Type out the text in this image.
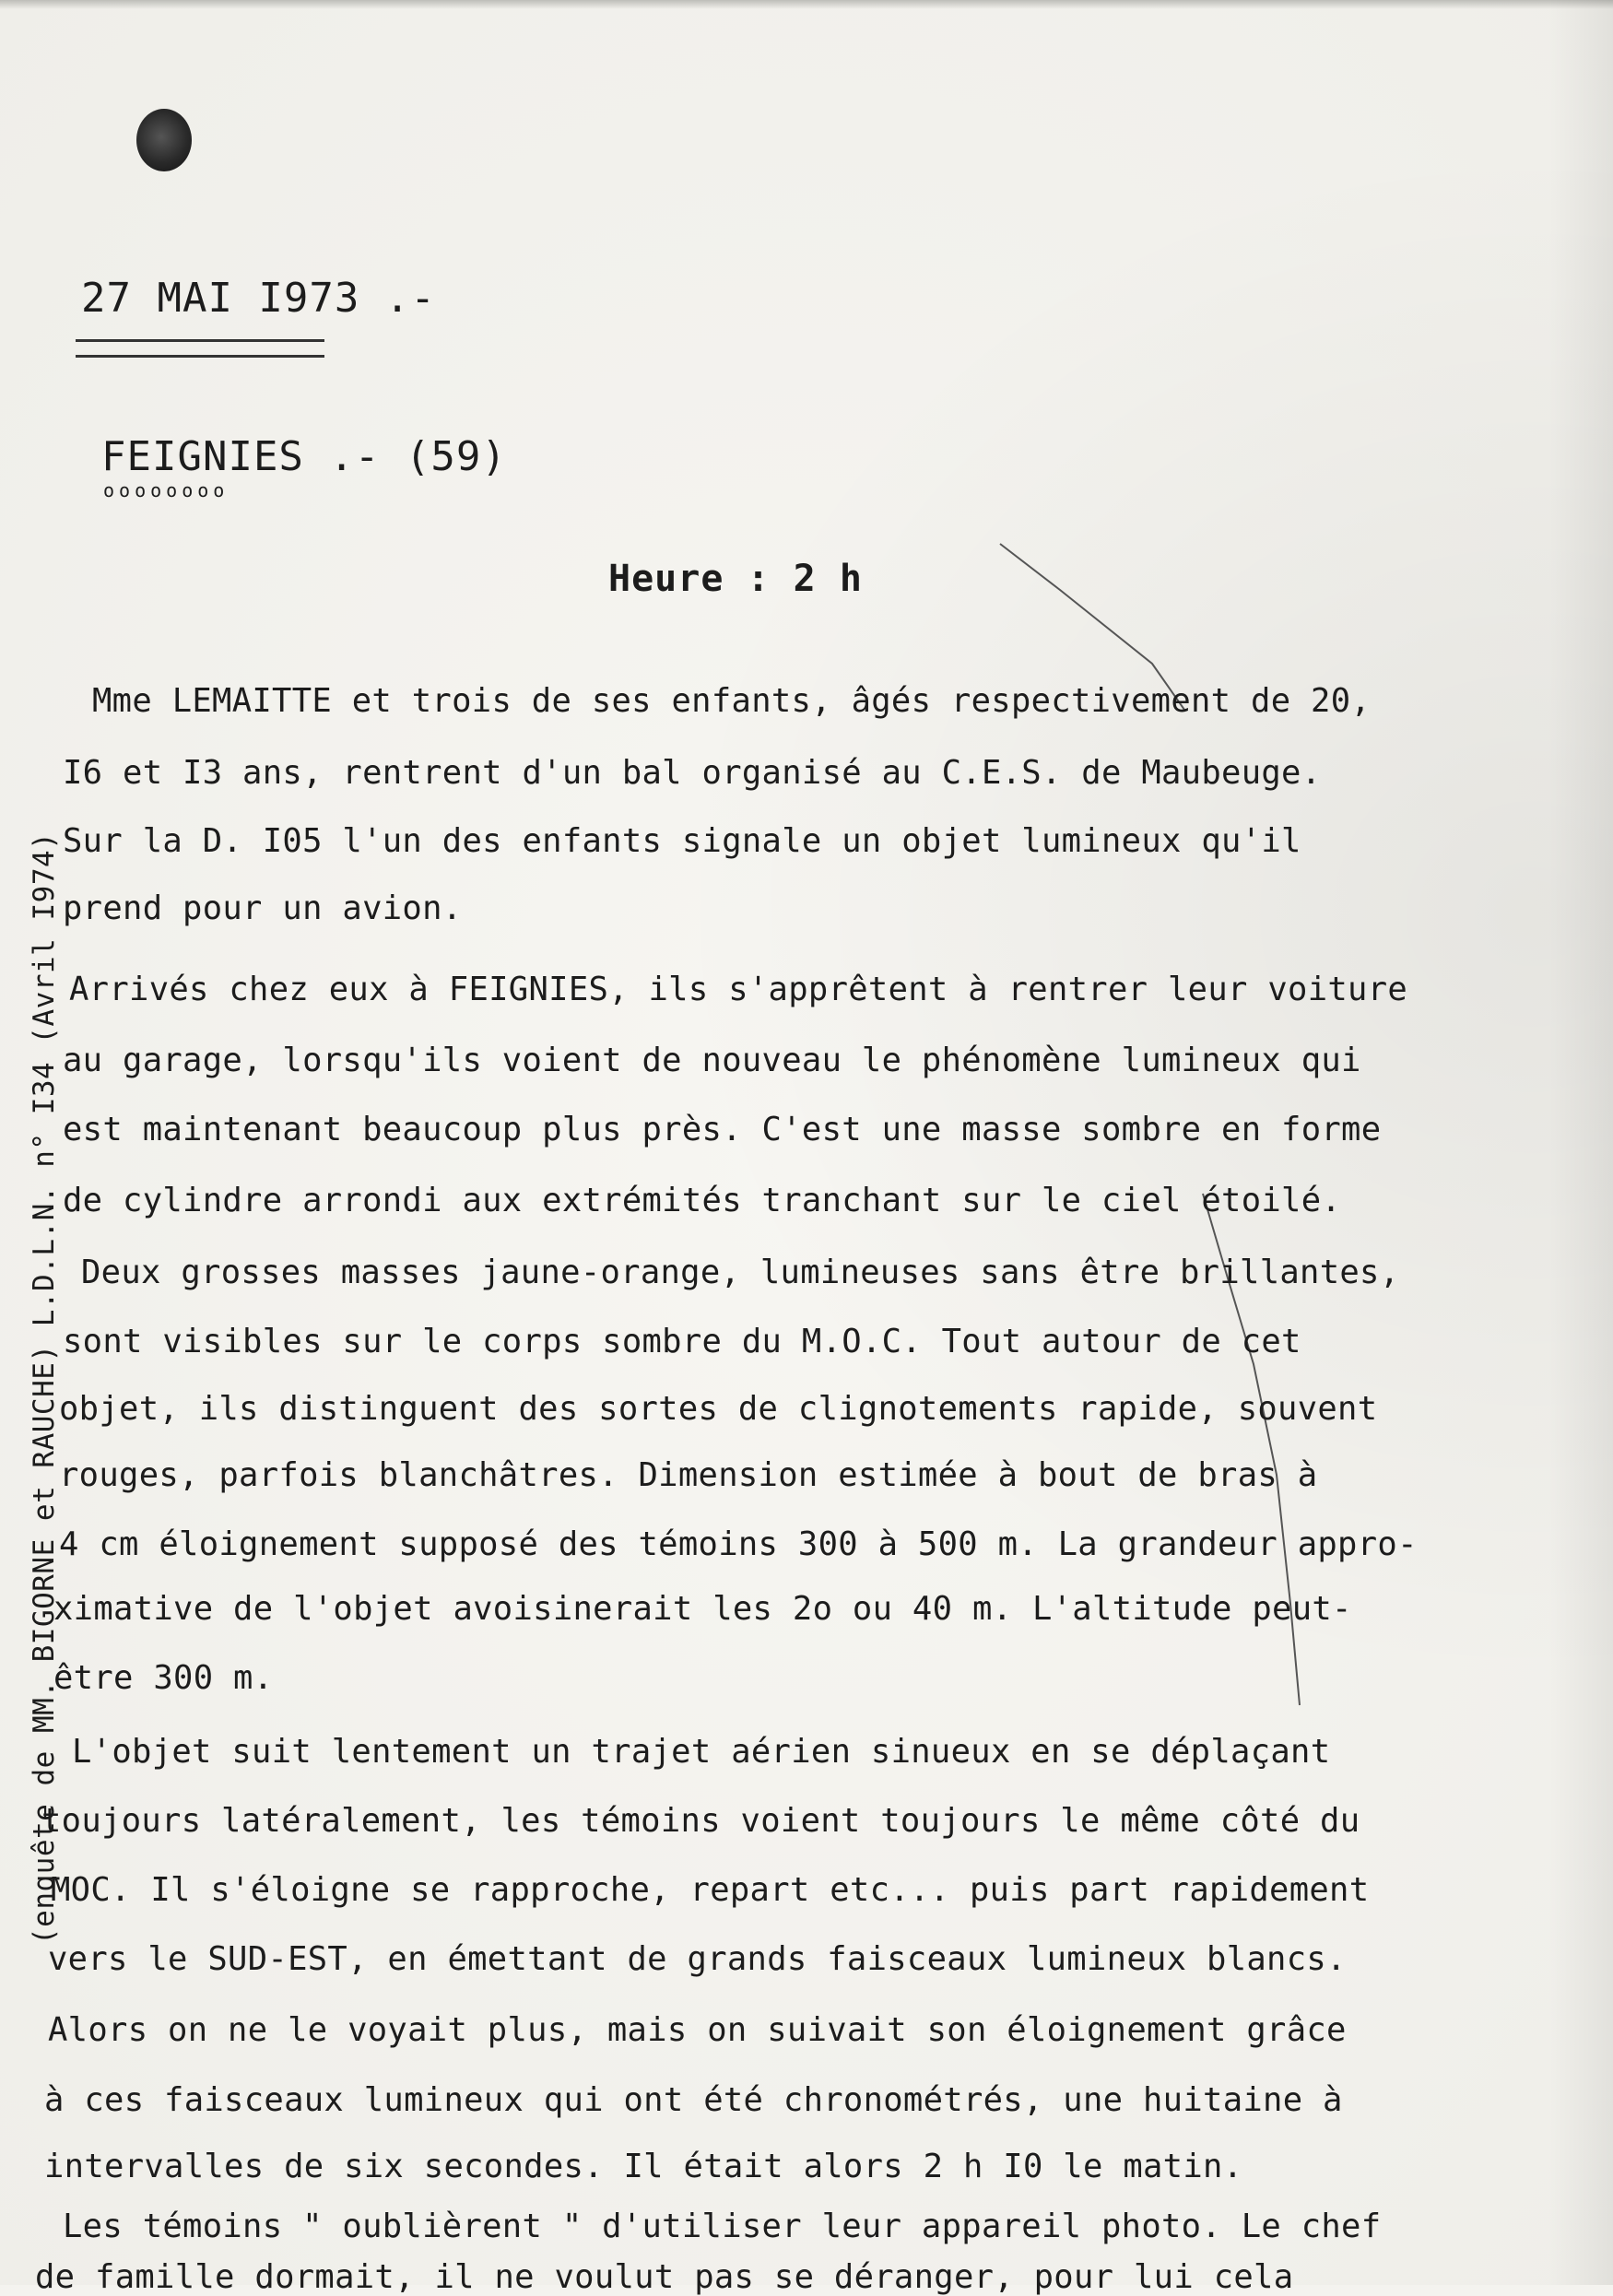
27 MAI I973 .-
FEIGNIES .- (59)
oooooooo
Heure : 2 h
(enquête de MM. BIGORNE et RAUCHE) L.D.L.N. n° I34 (Avril I974)
Mme LEMAITTE et trois de ses enfants, âgés respectivement de 20,
I6 et I3 ans, rentrent d'un bal organisé au C.E.S. de Maubeuge.
Sur la D. I05 l'un des enfants signale un objet lumineux qu'il
prend pour un avion.
Arrivés chez eux à FEIGNIES, ils s'apprêtent à rentrer leur voiture
au garage, lorsqu'ils voient de nouveau le phénomène lumineux qui
est maintenant beaucoup plus près. C'est une masse sombre en forme
de cylindre arrondi aux extrémités tranchant sur le ciel étoilé.
Deux grosses masses jaune-orange, lumineuses sans être brillantes,
sont visibles sur le corps sombre du M.O.C. Tout autour de cet
objet, ils distinguent des sortes de clignotements rapide, souvent
rouges, parfois blanchâtres. Dimension estimée à bout de bras à
4 cm éloignement supposé des témoins 300 à 500 m. La grandeur appro-
ximative de l'objet avoisinerait les 2o ou 40 m. L'altitude peut-
être 300 m.
L'objet suit lentement un trajet aérien sinueux en se déplaçant
toujours latéralement, les témoins voient toujours le même côté du
MOC. Il s'éloigne se rapproche, repart etc... puis part rapidement
vers le SUD-EST, en émettant de grands faisceaux lumineux blancs.
Alors on ne le voyait plus, mais on suivait son éloignement grâce
à ces faisceaux lumineux qui ont été chronométrés, une huitaine à
intervalles de six secondes. Il était alors 2 h I0 le matin.
Les témoins " oublièrent " d'utiliser leur appareil photo. Le chef
de famille dormait, il ne voulut pas se déranger, pour lui cela
